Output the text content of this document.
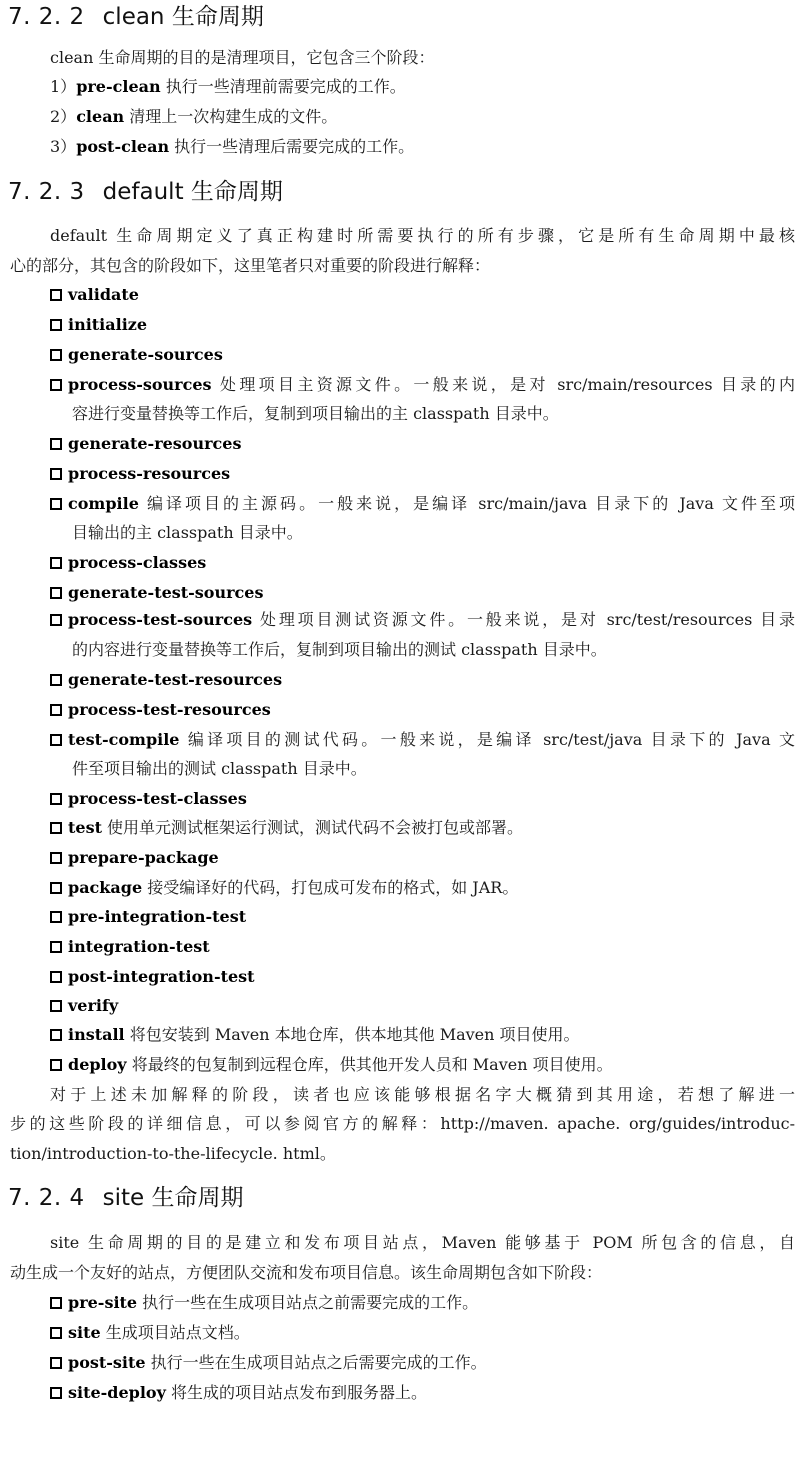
7. 2. 2 clean 生命周期
clean 生命周期的目的是清理项目，它包含三个阶段：
1）pre-clean 执行一些清理前需要完成的工作。
2）clean 清理上一次构建生成的文件。
3）post-clean 执行一些清理后需要完成的工作。
7. 2. 3 default 生命周期
default 生命周期定义了真正构建时所需要执行的所有步骤，它是所有生命周期中最核
心的部分，其包含的阶段如下，这里笔者只对重要的阶段进行解释：
validate
initialize
generate-sources
process-sources 处理项目主资源文件。一般来说，是对 src/main/resources 目录的内
容进行变量替换等工作后，复制到项目输出的主 classpath 目录中。
generate-resources
process-resources
compile 编译项目的主源码。一般来说，是编译 src/main/java 目录下的 Java 文件至项
目输出的主 classpath 目录中。
process-classes
generate-test-sources
process-test-sources 处理项目测试资源文件。一般来说，是对 src/test/resources 目录
的内容进行变量替换等工作后，复制到项目输出的测试 classpath 目录中。
generate-test-resources
process-test-resources
test-compile 编译项目的测试代码。一般来说，是编译 src/test/java 目录下的 Java 文
件至项目输出的测试 classpath 目录中。
process-test-classes
test 使用单元测试框架运行测试，测试代码不会被打包或部署。
prepare-package
package 接受编译好的代码，打包成可发布的格式，如 JAR。
pre-integration-test
integration-test
post-integration-test
verify
install 将包安装到 Maven 本地仓库，供本地其他 Maven 项目使用。
deploy 将最终的包复制到远程仓库，供其他开发人员和 Maven 项目使用。
对于上述未加解释的阶段，读者也应该能够根据名字大概猜到其用途，若想了解进一
步的这些阶段的详细信息，可以参阅官方的解释：http://maven. apache. org/guides/introduc-
tion/introduction-to-the-lifecycle. html。
7. 2. 4 site 生命周期
site 生命周期的目的是建立和发布项目站点，Maven 能够基于 POM 所包含的信息，自
动生成一个友好的站点，方便团队交流和发布项目信息。该生命周期包含如下阶段：
pre-site 执行一些在生成项目站点之前需要完成的工作。
site 生成项目站点文档。
post-site 执行一些在生成项目站点之后需要完成的工作。
site-deploy 将生成的项目站点发布到服务器上。
